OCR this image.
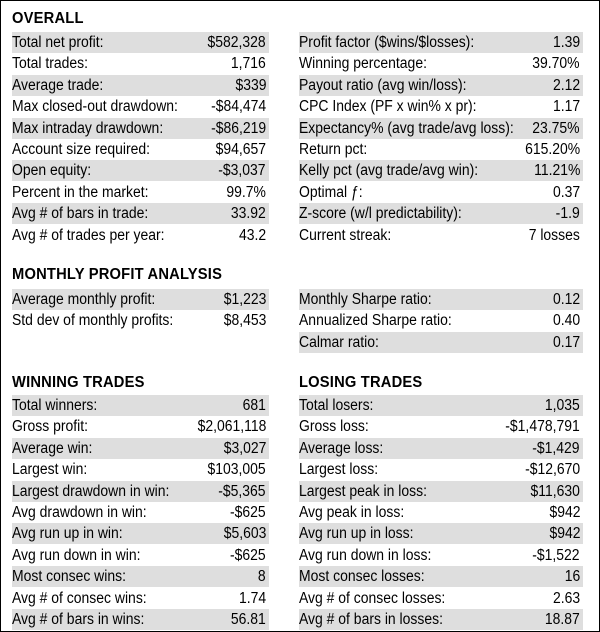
OVERALL
MONTHLY PROFIT ANALYSIS
WINNING TRADES	LOSING TRADES
Total net profit:	$582,328
Total trades:	1,716
Average trade:	$339
Max closed-out drawdown: -$84,474
Max intraday drawdown:	-$86,219
Account size required:	$94,657
Open equity:	-$3,037
Percent in the market:	99.7%
Avg # of bars in trade:	33.92
Avg # of trades per year:	43.2
Profit factor ($wins/$losses):	1.39
Winning percentage:	39.70%
Payout ratio (avg win/loss):	2.12
CPC Index (PF x win% x pr):	1.17
Expectancy% (avg trade/avg loss): 23.75%
Return pct:	615.20%
Kelly pct (avg trade/avg win):	11.21%
Optimal ƒ:	0.37
Z-score (w/l predictability):	-1.9
Current streak:	7 losses
Average monthly profit:	$1,223
Std dev of monthly profits:	$8,453
Monthly Sharpe ratio:	0.12
Annualized Sharpe ratio:	0.40
Calmar ratio:	0.17
Total winners:	681
Gross profit:	$2,061,118
Average win:	$3,027
Largest win:	$103,005
Largest drawdown in win:	-$5,365
Avg drawdown in win:	-$625
Avg run up in win:	$5,603
Avg run down in win:	-$625
Most consec wins:	8
Avg # of consec wins:	1.74
Avg # of bars in wins:	56.81
Total losers:	1,035
Gross loss:	-$1,478,791
Average loss:	-$1,429
Largest loss:	-$12,670
Largest peak in loss:	$11,630
Avg peak in loss:	$942
Avg run up in loss:	$942
Avg run down in loss:	-$1,522
Most consec losses:	16
Avg # of consec losses:	2.63
Avg # of bars in losses:	18.87
